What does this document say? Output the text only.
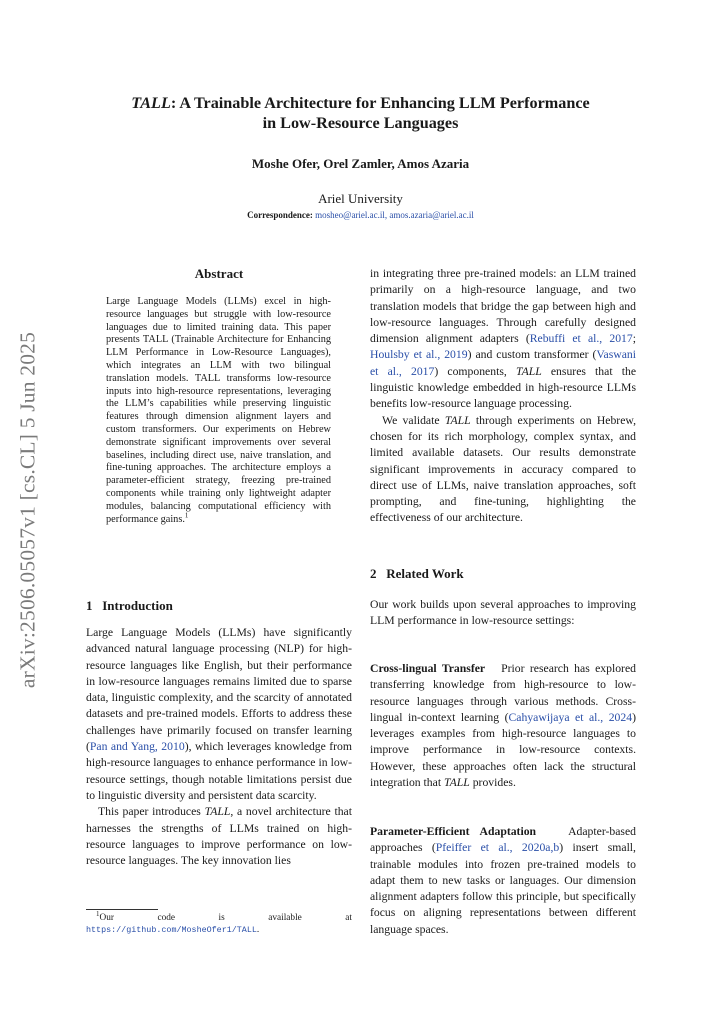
arXiv:2506.05057v1 [cs.CL] 5 Jun 2025
TALL: A Trainable Architecture for Enhancing LLM Performance
in Low-Resource Languages
Moshe Ofer, Orel Zamler, Amos Azaria
Ariel University
Correspondence: mosheo@ariel.ac.il, amos.azaria@ariel.ac.il
Abstract
Large Language Models (LLMs) excel in high-resource languages but struggle with low-resource languages due to limited training data. This paper presents TALL (Trainable Architecture for Enhancing LLM Performance in Low-Resource Languages), which integrates an LLM with two bilingual translation models. TALL transforms low-resource inputs into high-resource representations, leveraging the LLM’s capabilities while preserving linguistic features through dimension alignment layers and custom transformers. Our experiments on Hebrew demonstrate significant improvements over several baselines, including direct use, naive translation, and fine-tuning approaches. The architecture employs a parameter-efficient strategy, freezing pre-trained components while training only lightweight adapter modules, balancing computational efficiency with performance gains.$^1$
1 Introduction

Large Language Models (LLMs) have significantly advanced natural language processing (NLP) for high-resource languages like English, but their performance in low-resource languages remains limited due to sparse data, linguistic complexity, and the scarcity of annotated datasets and pre-trained models. Efforts to address these challenges have primarily focused on transfer learning (Pan and Yang, 2010), which leverages knowledge from high-resource languages to enhance performance in low-resource settings, though notable limitations persist due to linguistic diversity and persistent data scarcity.

This paper introduces TALL, a novel architecture that harnesses the strengths of LLMs trained on high-resource languages to improve performance on low-resource languages. The key innovation lies

$^1$Our code is available at https://github.com/MosheOfer1/TALL.

in integrating three pre-trained models: an LLM trained primarily on a high-resource language, and two translation models that bridge the gap between high and low-resource languages. Through carefully designed dimension alignment adapters (Rebuffi et al., 2017; Houlsby et al., 2019) and custom transformer (Vaswani et al., 2017) components, TALL ensures that the linguistic knowledge embedded in high-resource LLMs benefits low-resource language processing.

We validate TALL through experiments on Hebrew, chosen for its rich morphology, complex syntax, and limited available datasets. Our results demonstrate significant improvements in accuracy compared to direct use of LLMs, naive translation approaches, soft prompting, and fine-tuning, highlighting the effectiveness of our architecture.

2 Related Work

Our work builds upon several approaches to improving LLM performance in low-resource settings:

Cross-lingual Transfer Prior research has explored transferring knowledge from high-resource to low-resource languages through various methods. Cross-lingual in-context learning (Cahyawijaya et al., 2024) leverages examples from high-resource languages to improve performance in low-resource contexts. However, these approaches often lack the structural integration that TALL provides.

Parameter-Efficient Adaptation	Adapter-based approaches (Pfeiffer et al., 2020a,b) insert small, trainable modules into frozen pre-trained models to adapt them to new tasks or languages. Our dimension alignment adapters follow this principle, but specifically focus on aligning representations between different language spaces.
